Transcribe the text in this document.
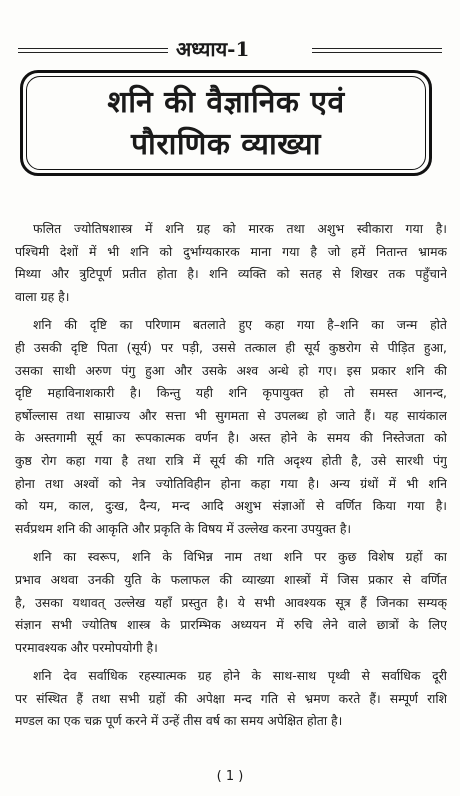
अध्याय-1
शनि की वैज्ञानिक एवं
पौराणिक व्याख्या
फलित ज्योतिषशास्त्र में शनि ग्रह को मारक तथा अशुभ स्वीकारा गया है।
पश्चिमी देशों में भी शनि को दुर्भाग्यकारक माना गया है जो हमें नितान्त भ्रामक
मिथ्या और त्रुटिपूर्ण प्रतीत होता है। शनि व्यक्ति को सतह से शिखर तक पहुँचाने
वाला ग्रह है।
शनि की दृष्टि का परिणाम बतलाते हुए कहा गया है–शनि का जन्म होते
ही उसकी दृष्टि पिता (सूर्य) पर पड़ी, उससे तत्काल ही सूर्य कुष्ठरोग से पीड़ित हुआ,
उसका साथी अरुण पंगु हुआ और उसके अश्व अन्धे हो गए। इस प्रकार शनि की
दृष्टि महाविनाशकारी है। किन्तु यही शनि कृपायुक्त हो तो समस्त आनन्द,
हर्षोल्लास तथा साम्राज्य और सत्ता भी सुगमता से उपलब्ध हो जाते हैं। यह सायंकाल
के अस्तगामी सूर्य का रूपकात्मक वर्णन है। अस्त होने के समय की निस्तेजता को
कुष्ठ रोग कहा गया है तथा रात्रि में सूर्य की गति अदृश्य होती है, उसे सारथी पंगु
होना तथा अश्वों को नेत्र ज्योतिविहीन होना कहा गया है। अन्य ग्रंथों में भी शनि
को यम, काल, दुःख, दैन्य, मन्द आदि अशुभ संज्ञाओं से वर्णित किया गया है।
सर्वप्रथम शनि की आकृति और प्रकृति के विषय में उल्लेख करना उपयुक्त है।
शनि का स्वरूप, शनि के विभिन्न नाम तथा शनि पर कुछ विशेष ग्रहों का
प्रभाव अथवा उनकी युति के फलाफल की व्याख्या शास्त्रों में जिस प्रकार से वर्णित
है, उसका यथावत् उल्लेख यहाँ प्रस्तुत है। ये सभी आवश्यक सूत्र हैं जिनका सम्यक्
संज्ञान सभी ज्योतिष शास्त्र के प्रारम्भिक अध्ययन में रुचि लेने वाले छात्रों के लिए
परमावश्यक और परमोपयोगी है।
शनि देव सर्वाधिक रहस्यात्मक ग्रह होने के साथ-साथ पृथ्वी से सर्वाधिक दूरी
पर संस्थित हैं तथा सभी ग्रहों की अपेक्षा मन्द गति से भ्रमण करते हैं। सम्पूर्ण राशि
मण्डल का एक चक्र पूर्ण करने में उन्हें तीस वर्ष का समय अपेक्षित होता है।
( 1 )
